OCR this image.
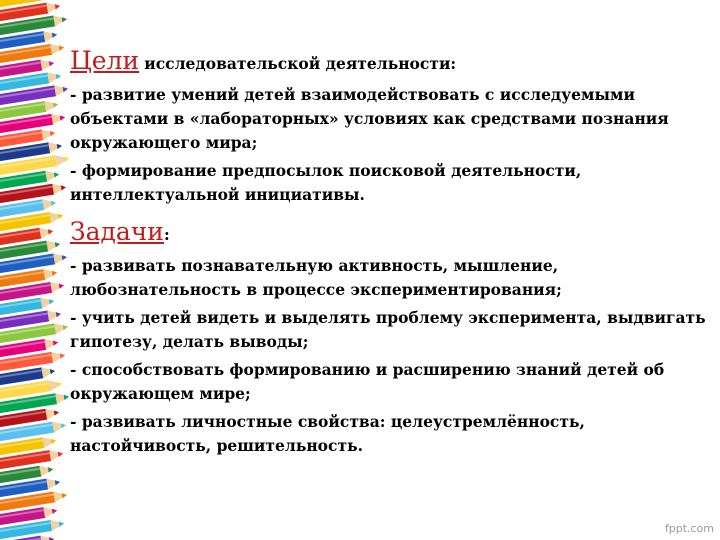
Цели исследовательской деятельности:

- развитие умений детей взаимодействовать с исследуемыми объектами в «лабораторных» условиях как средствами познания окружающего мира;

- формирование предпосылок поисковой деятельности, интеллектуальной инициативы.

Задачи:

- развивать познавательную активность, мышление, любознательность в процессе экспериментирования;

- учить детей видеть и выделять проблему эксперимента, выдвигать гипотезу, делать выводы;

- способствовать формированию и расширению знаний детей об окружающем мире;

- развивать личностные свойства: целеустремлённость, настойчивость, решительность.

fppt.com
